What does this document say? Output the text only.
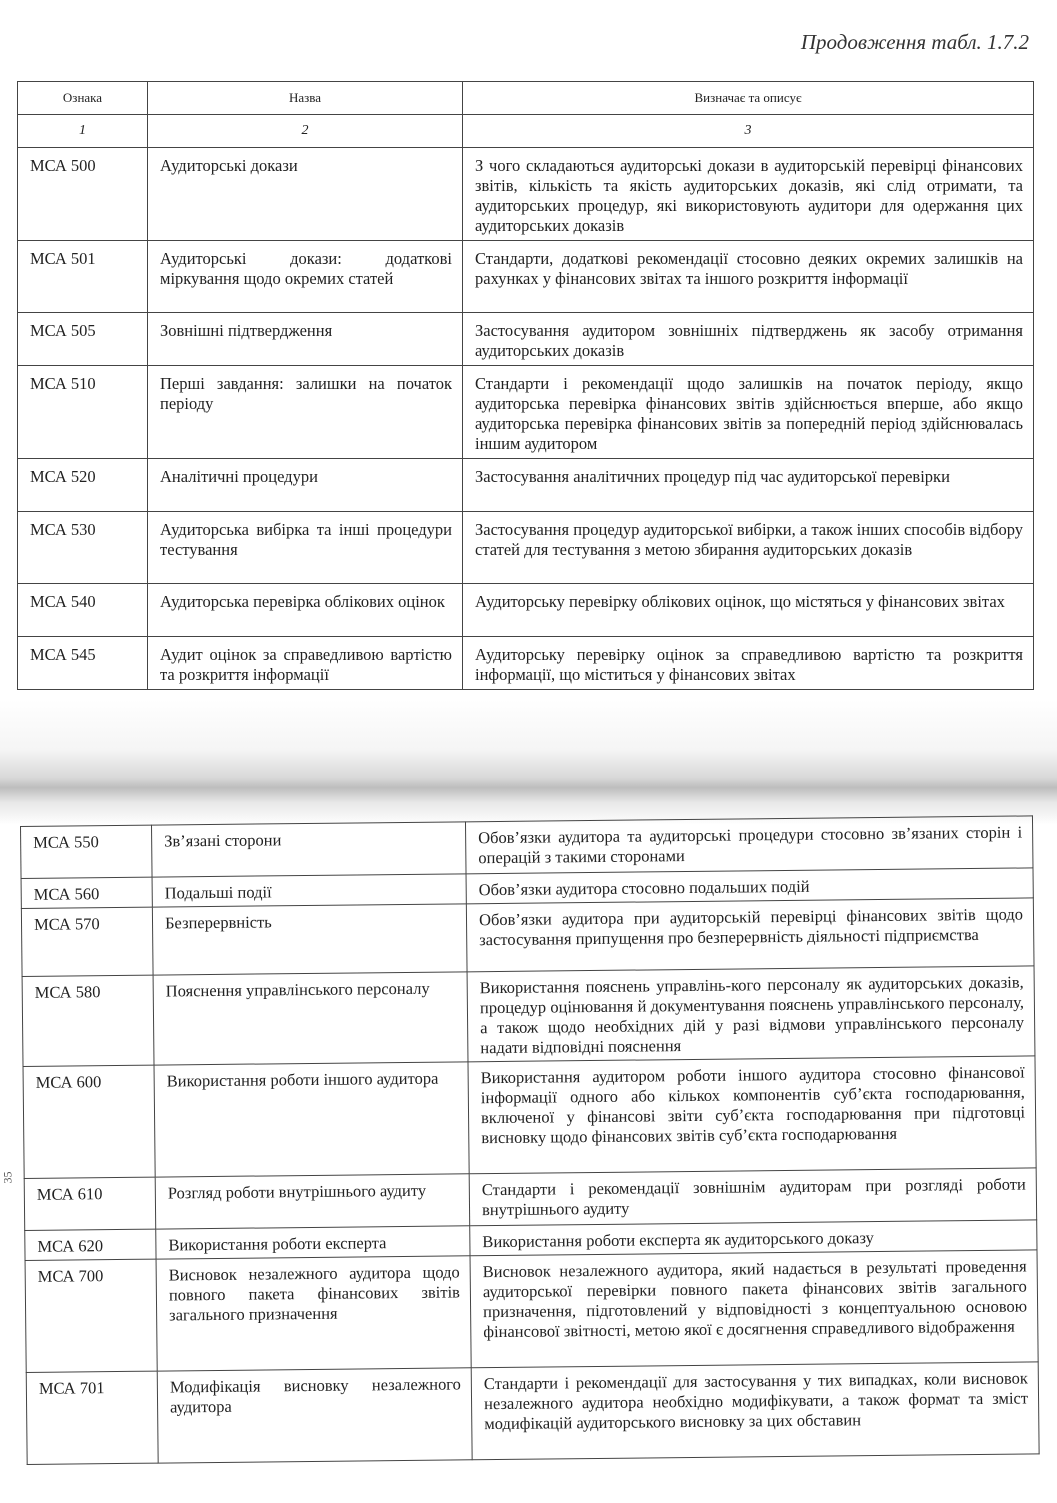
Продовження табл. 1.7.2
Ознака	Назва	Визначає та описує
1	2	3
МСА 500	Аудиторські докази	З чого складаються аудиторські докази в аудиторській перевірці фінансових звітів, кількість та якість аудиторських доказів, які слід отримати, та аудиторських процедур, які використовують аудитори для одержання цих аудиторських доказів
МСА 501	Аудиторські докази: додаткові міркування щодо окремих статей	Стандарти, додаткові рекомендації стосовно деяких окремих залишків на рахунках у фінансових звітах та іншого розкриття інформації
МСА 505	Зовнішні підтвердження	Застосування аудитором зовнішніх підтверджень як засобу отримання аудиторських доказів
МСА 510	Перші завдання: залишки на початок періоду	Стандарти і рекомендації щодо залишків на початок періоду, якщо аудиторська перевірка фінансових звітів здійснюється вперше, або якщо аудиторська перевірка фінансових звітів за попередній період здійснювалась іншим аудитором
МСА 520	Аналітичні процедури	Застосування аналітичних процедур під час аудиторської перевірки
МСА 530	Аудиторська вибірка та інші процедури тестування	Застосування процедур аудиторської вибірки, а також інших способів відбору статей для тестування з метою збирання аудиторських доказів
МСА 540	Аудиторська перевірка облікових оцінок	Аудиторську перевірку облікових оцінок, що містяться у фінансових звітах
МСА 545	Аудит оцінок за справедливою вартістю та розкриття інформації	Аудиторську перевірку оцінок за справедливою вартістю та розкриття інформації, що міститься у фінансових звітах
35
МСА 550	Зв’язані сторони	Обов’язки аудитора та аудиторські процедури стосовно зв’язаних сторін і операцій з такими сторонами
МСА 560	Подальші події	Обов’язки аудитора стосовно подальших подій
МСА 570	Безперервність	Обов’язки аудитора при аудиторській перевірці фінансових звітів щодо застосування припущення про безперервність діяльності підприємства
МСА 580	Пояснення управлінського персоналу	Використання пояснень управлінь-кого персоналу як аудиторських доказів, процедур оцінювання й документування пояснень управлінського персоналу, а також щодо необхідних дій у разі відмови управлінського персоналу надати відповідні пояснення
МСА 600	Використання роботи іншого аудитора	Використання аудитором роботи іншого аудитора стосовно фінансової інформації одного або кількох компонентів суб’єкта господарювання, включеної у фінансові звіти суб’єкта господарювання при підготовці висновку щодо фінансових звітів суб’єкта господарювання
МСА 610	Розгляд роботи внутрішнього аудиту	Стандарти і рекомендації зовнішнім аудиторам при розгляді роботи внутрішнього аудиту
МСА 620	Використання роботи експерта	Використання роботи експерта як аудиторського доказу
МСА 700	Висновок незалежного аудитора щодо повного пакета фінансових звітів загального призначення	Висновок незалежного аудитора, який надається в результаті проведення аудиторської перевірки повного пакета фінансових звітів загального призначення, підготовлений у відповідності з концептуальною основою фінансової звітності, метою якої є досягнення справедливого відображення
МСА 701	Модифікація висновку незалежного аудитора	Стандарти і рекомендації для застосування у тих випадках, коли висновок незалежного аудитора необхідно модифікувати, а також формат та зміст модифікацій аудиторського висновку за цих обставин
